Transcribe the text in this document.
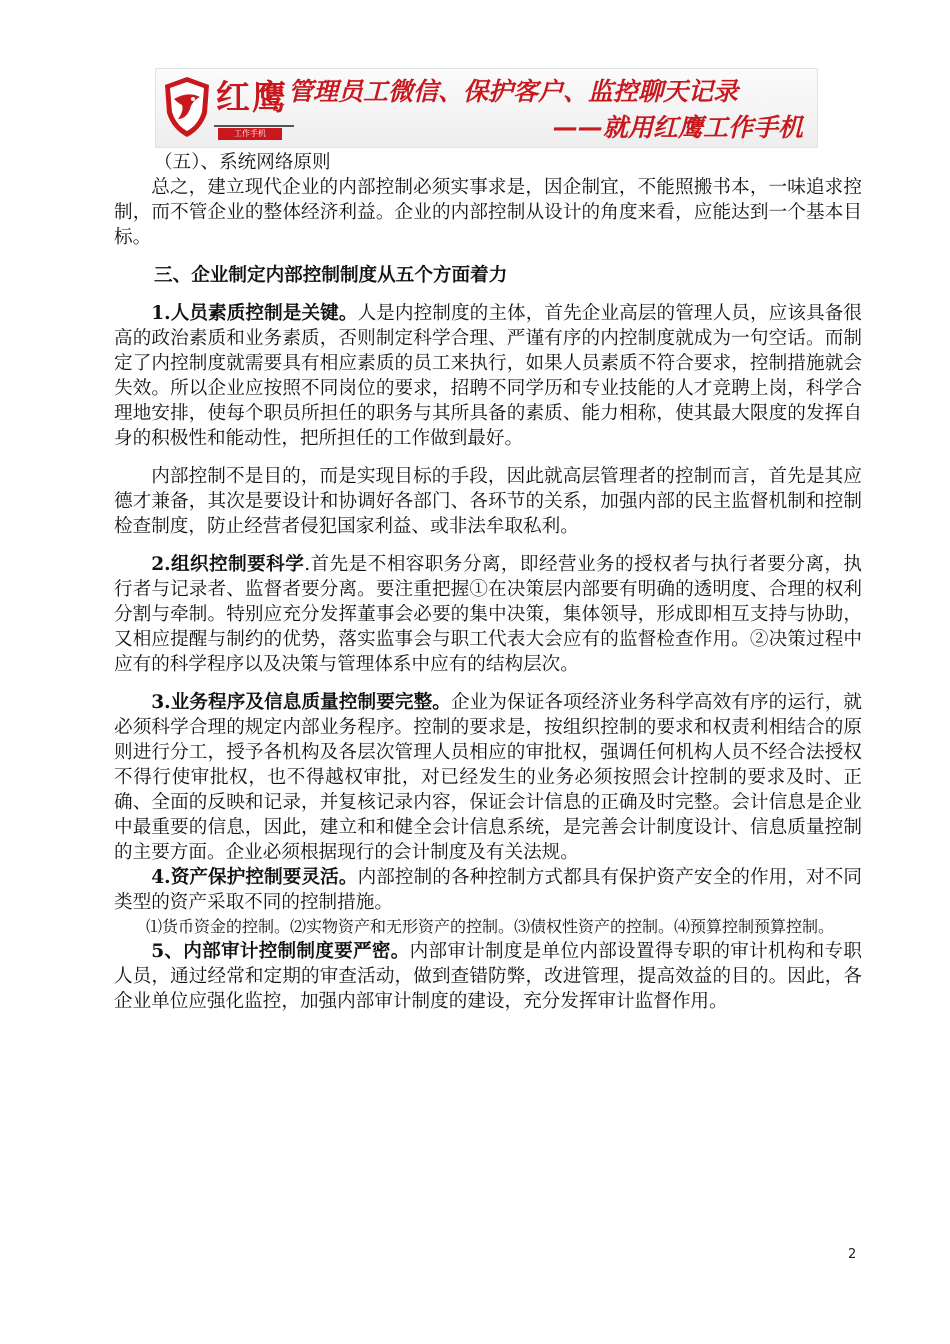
红鹰
工作手机
管理员工微信、保护客户、监控聊天记录
——就用红鹰工作手机

（五）、系统网络原则

总之，建立现代企业的内部控制必须实事求是，因企制宜，不能照搬书本，一味追求控制，而不管企业的整体经济利益。企业的内部控制从设计的角度来看，应能达到一个基本目标。

三、企业制定内部控制制度从五个方面着力

1.人员素质控制是关键。人是内控制度的主体，首先企业高层的管理人员，应该具备很高的政治素质和业务素质，否则制定科学合理、严谨有序的内控制度就成为一句空话。而制定了内控制度就需要具有相应素质的员工来执行，如果人员素质不符合要求，控制措施就会失效。所以企业应按照不同岗位的要求，招聘不同学历和专业技能的人才竞聘上岗，科学合理地安排，使每个职员所担任的职务与其所具备的素质、能力相称，使其最大限度的发挥自身的积极性和能动性，把所担任的工作做到最好。

内部控制不是目的，而是实现目标的手段，因此就高层管理者的控制而言，首先是其应德才兼备，其次是要设计和协调好各部门、各环节的关系，加强内部的民主监督机制和控制检查制度，防止经营者侵犯国家利益、或非法牟取私利。

2.组织控制要科学.首先是不相容职务分离，即经营业务的授权者与执行者要分离，执行者与记录者、监督者要分离。要注重把握①在决策层内部要有明确的透明度、合理的权利分割与牵制。特别应充分发挥董事会必要的集中决策，集体领导，形成即相互支持与协助，又相应提醒与制约的优势，落实监事会与职工代表大会应有的监督检查作用。②决策过程中应有的科学程序以及决策与管理体系中应有的结构层次。

3.业务程序及信息质量控制要完整。企业为保证各项经济业务科学高效有序的运行，就必须科学合理的规定内部业务程序。控制的要求是，按组织控制的要求和权责利相结合的原则进行分工，授予各机构及各层次管理人员相应的审批权，强调任何机构人员不经合法授权不得行使审批权，也不得越权审批，对已经发生的业务必须按照会计控制的要求及时、正确、全面的反映和记录，并复核记录内容，保证会计信息的正确及时完整。会计信息是企业中最重要的信息，因此，建立和和健全会计信息系统，是完善会计制度设计、信息质量控制的主要方面。企业必须根据现行的会计制度及有关法规。

4.资产保护控制要灵活。内部控制的各种控制方式都具有保护资产安全的作用，对不同类型的资产采取不同的控制措施。

⑴货币资金的控制。⑵实物资产和无形资产的控制。⑶债权性资产的控制。⑷预算控制预算控制。

5、内部审计控制制度要严密。内部审计制度是单位内部设置得专职的审计机构和专职人员，通过经常和定期的审查活动，做到查错防弊，改进管理，提高效益的目的。因此，各企业单位应强化监控，加强内部审计制度的建设，充分发挥审计监督作用。

2
